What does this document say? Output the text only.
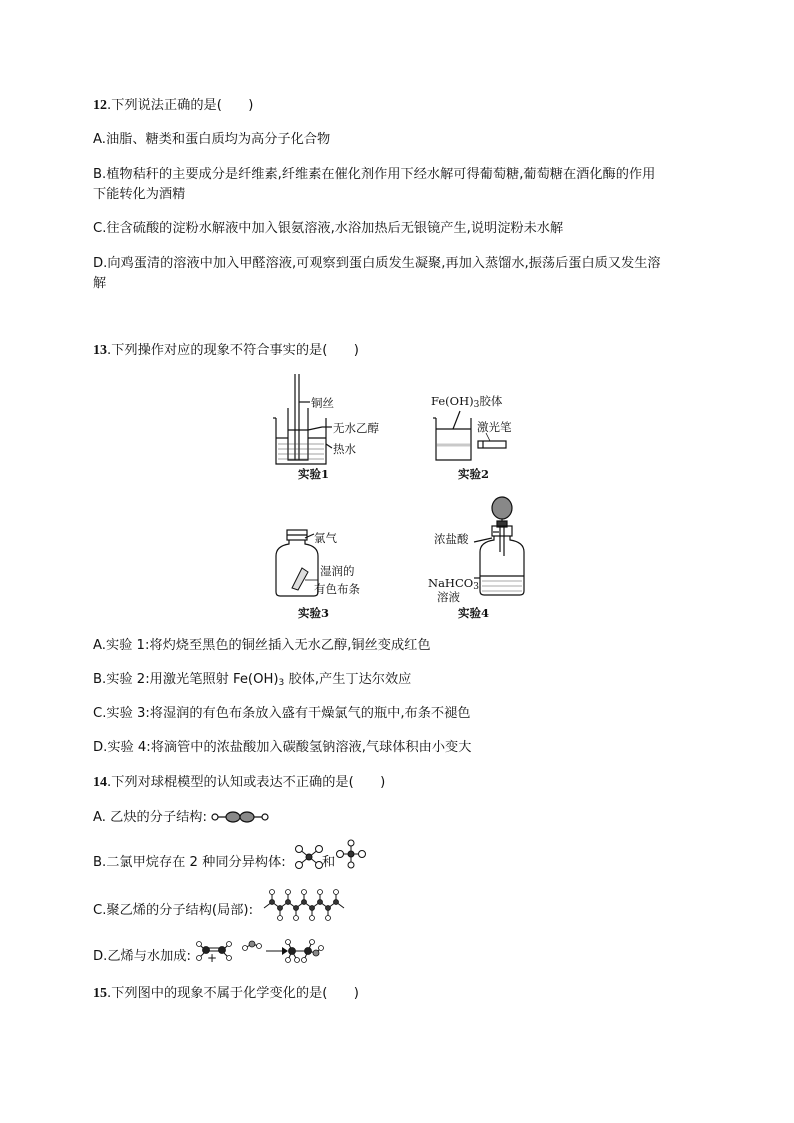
12.下列说法正确的是(　　)
A.油脂、糖类和蛋白质均为高分子化合物
B.植物秸秆的主要成分是纤维素,纤维素在催化剂作用下经水解可得葡萄糖,葡萄糖在酒化酶的作用
下能转化为酒精
C.往含硫酸的淀粉水解液中加入银氨溶液,水浴加热后无银镜产生,说明淀粉未水解
D.向鸡蛋清的溶液中加入甲醛溶液,可观察到蛋白质发生凝聚,再加入蒸馏水,振荡后蛋白质又发生溶
解
13.下列操作对应的现象不符合事实的是(　　)
铜丝
无水乙醇
热水
实验1
$Fe(OH)_3$胶体
激光笔
实验2
氯气
湿润的
有色布条
实验3
浓盐酸
NaHCO$_3$
溶液
实验4
A.实验 1:将灼烧至黑色的铜丝插入无水乙醇,铜丝变成红色
B.实验 2:用激光笔照射 $Fe(OH)_3$ 胶体,产生丁达尔效应
C.实验 3:将湿润的有色布条放入盛有干燥氯气的瓶中,布条不褪色
D.实验 4:将滴管中的浓盐酸加入碳酸氢钠溶液,气球体积由小变大
14.下列对球棍模型的认知或表达不正确的是(　　)
A. 乙炔的分子结构:
B.二氯甲烷存在 2 种同分异构体:	和
C.聚乙烯的分子结构(局部):
D.乙烯与水加成: +
15.下列图中的现象不属于化学变化的是(　　)
